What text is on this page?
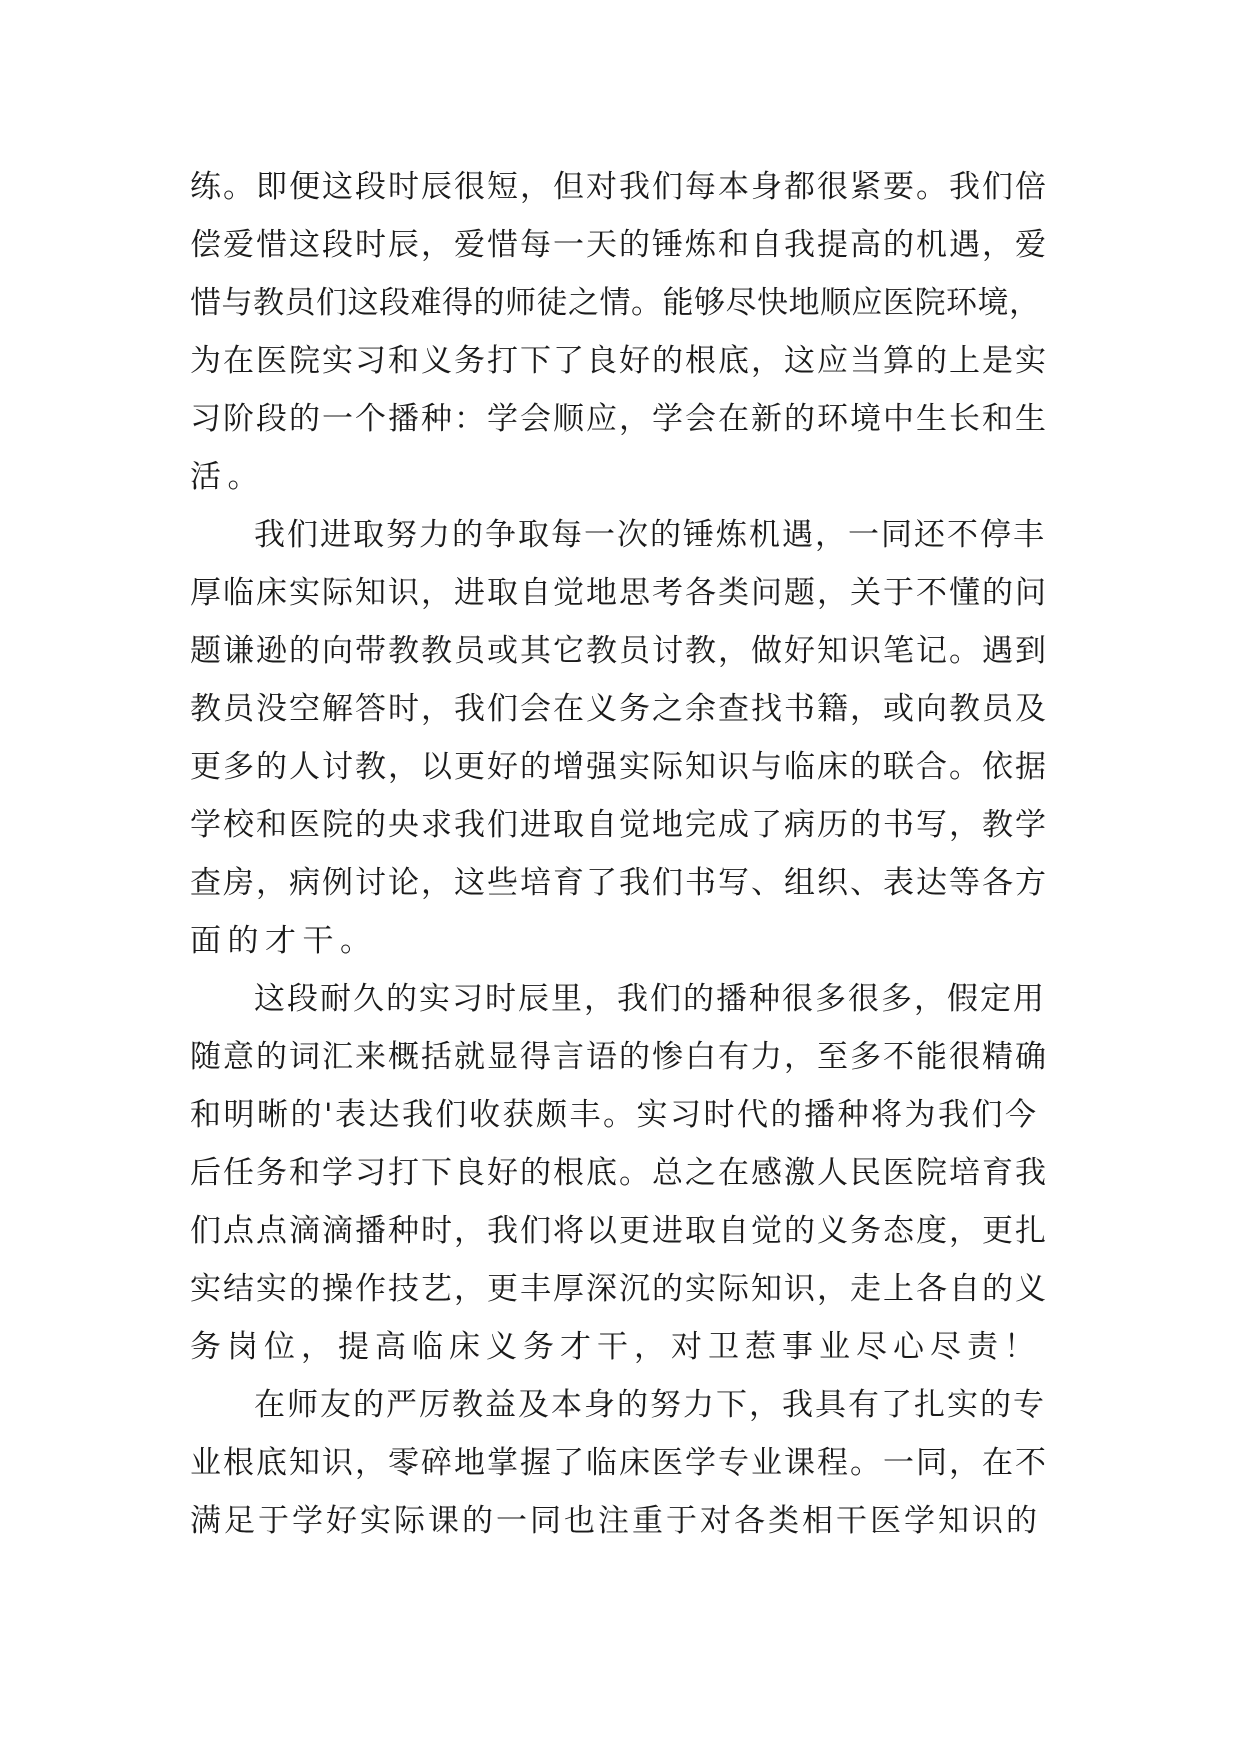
练。即便这段时辰很短，但对我们每本身都很紧要。我们倍
偿爱惜这段时辰，爱惜每一天的锤炼和自我提高的机遇，爱
惜与教员们这段难得的师徒之情。能够尽快地顺应医院环境，
为在医院实习和义务打下了良好的根底，这应当算的上是实
习阶段的一个播种：学会顺应，学会在新的环境中生长和生
活。
我们进取努力的争取每一次的锤炼机遇，一同还不停丰
厚临床实际知识，进取自觉地思考各类问题，关于不懂的问
题谦逊的向带教教员或其它教员讨教，做好知识笔记。遇到
教员没空解答时，我们会在义务之余查找书籍，或向教员及
更多的人讨教，以更好的增强实际知识与临床的联合。依据
学校和医院的央求我们进取自觉地完成了病历的书写，教学
查房，病例讨论，这些培育了我们书写、组织、表达等各方
面的才干。
这段耐久的实习时辰里，我们的播种很多很多，假定用
随意的词汇来概括就显得言语的惨白有力，至多不能很精确
和明晰的'表达我们收获颇丰。实习时代的播种将为我们今
后任务和学习打下良好的根底。总之在感激人民医院培育我
们点点滴滴播种时，我们将以更进取自觉的义务态度，更扎
实结实的操作技艺，更丰厚深沉的实际知识，走上各自的义
务岗位，提高临床义务才干，对卫惹事业尽心尽责！
在师友的严厉教益及本身的努力下，我具有了扎实的专
业根底知识，零碎地掌握了临床医学专业课程。一同，在不
满足于学好实际课的一同也注重于对各类相干医学知识的
